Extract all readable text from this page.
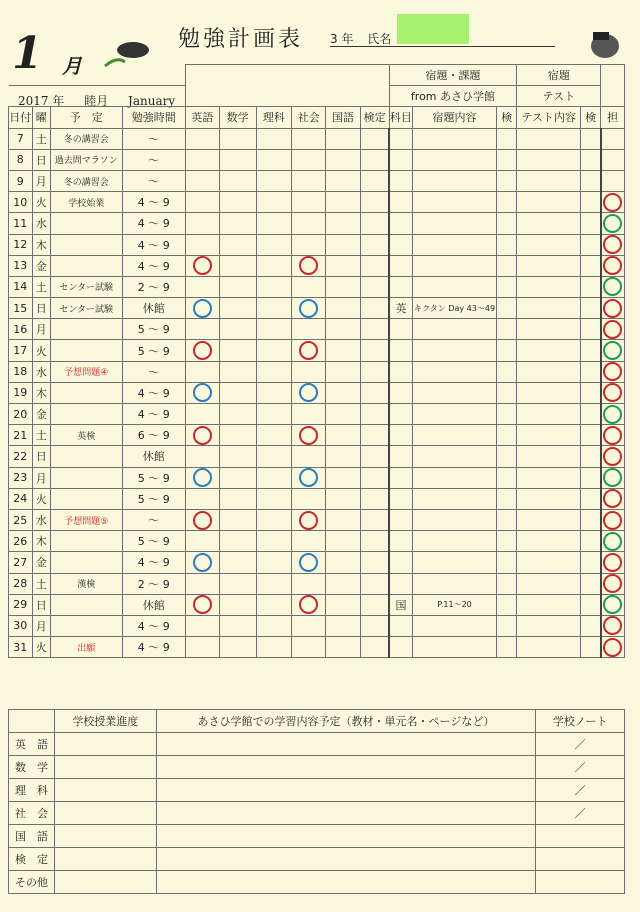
1 月
2017 年 睦月 January
勉強計画表 3 年 氏名
										宿題・課題			宿題		
										from あさひ学館			テスト		
日付	曜	予　定	勉強時間	英語	数学	理科	社会	国語	検定	科目	宿題内容	検	テスト内容	検	担
7	土	冬の講習会	〜												
8	日	過去問マラソン	〜												
9	月	冬の講習会	〜												
10	火	学校始業	4 〜 9												
11	水		4 〜 9												
12	木		4 〜 9												
13	金		4 〜 9												
14	土	センター試験	2 〜 9												
15	日	センター試験	休館							英	キクタン Day 43〜49				
16	月		5 〜 9												
17	火		5 〜 9												
18	水	予想問題④	〜												
19	木		4 〜 9												
20	金		4 〜 9												
21	土	英検	6 〜 9												
22	日		休館												
23	月		5 〜 9												
24	火		5 〜 9												
25	水	予想問題⑤	〜												
26	木		5 〜 9												
27	金		4 〜 9												
28	土	漢検	2 〜 9												
29	日		休館							国	P.11〜20				
30	月		4 〜 9												
31	火	出願	4 〜 9												
	学校授業進度	あさひ学館での学習内容予定（教材・単元名・ページなど）	学校ノート
英　語			／
数　学			／
理　科			／
社　会			／
国　語			
検　定			
その他			
